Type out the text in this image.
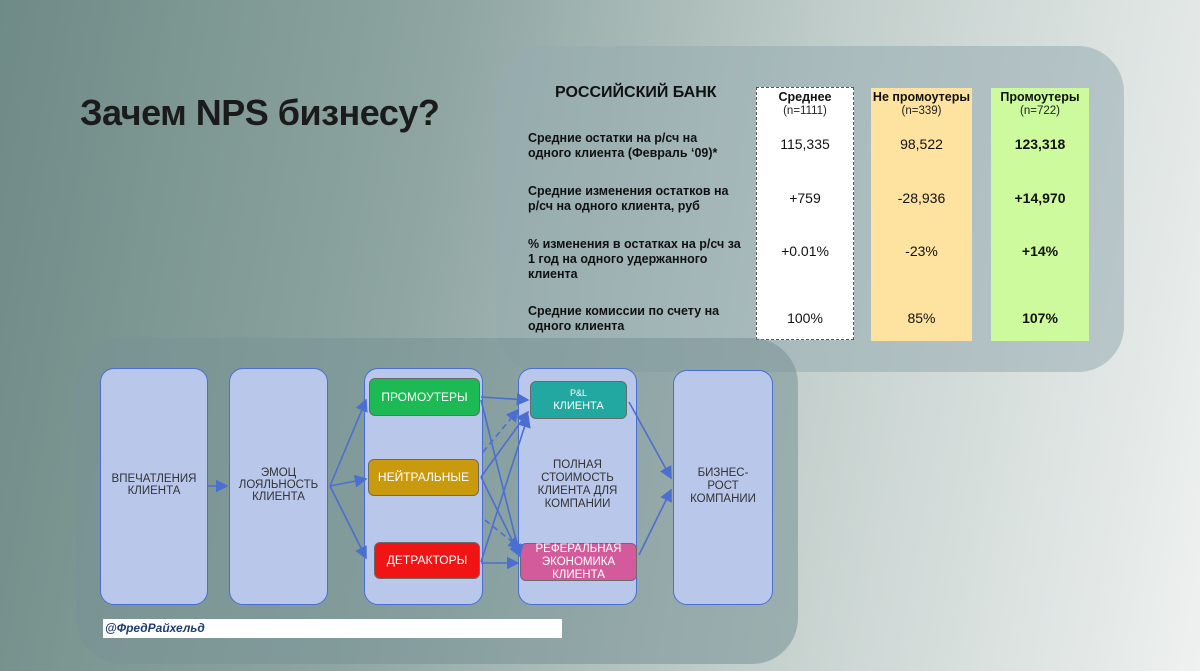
Зачем NPS бизнесу?	РОССИЙСКИЙ БАНК
Средние остатки на р/сч на одного клиента (Февраль ‘09)*
Средние изменения остатков на р/сч на одного клиента, руб
% изменения в остатках на р/сч за 1 год на одного удержанного клиента
Средние комиссии по счету на одного клиента
Среднее
(n=1111)
115,335
+759
+0.01%
100%
Не промоутеры
(n=339)
98,522
-28,936
-23%
85%
Промоутеры
(n=722)
123,318
+14,970
+14%
107%
ВПЕЧАТЛЕНИЯ КЛИЕНТА
ЭМОЦ ЛОЯЛЬНОСТЬ КЛИЕНТА
ПОЛНАЯ СТОИМОСТЬ КЛИЕНТА ДЛЯ КОМПАНИИ
БИЗНЕС- РОСТ КОМПАНИИ
ПРОМОУТЕРЫ
НЕЙТРАЛЬНЫЕ
ДЕТРАКТОРЫ
P&L
КЛИЕНТА
РЕФЕРАЛЬНАЯ ЭКОНОМИКА КЛИЕНТА
@ФредРайхельд
